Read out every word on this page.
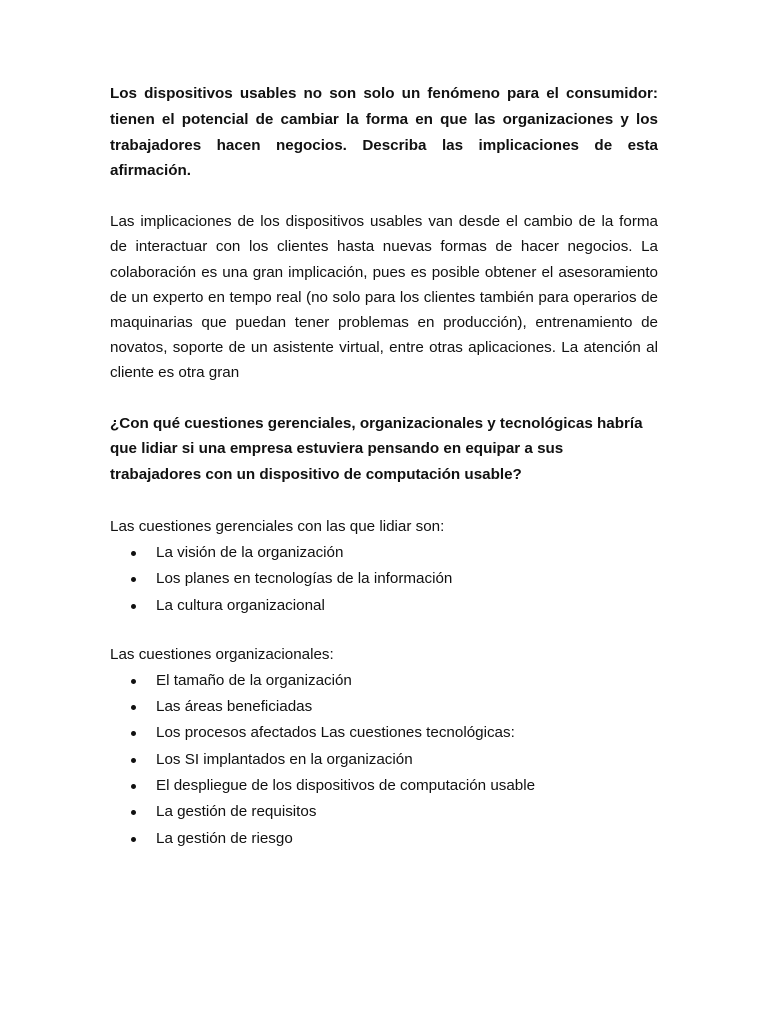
Los dispositivos usables no son solo un fenómeno para el consumidor: tienen el potencial de cambiar la forma en que las organizaciones y los trabajadores hacen negocios. Describa las implicaciones de esta afirmación.

Las implicaciones de los dispositivos usables van desde el cambio de la forma de interactuar con los clientes hasta nuevas formas de hacer negocios. La colaboración es una gran implicación, pues es posible obtener el asesoramiento de un experto en tempo real (no solo para los clientes también para operarios de maquinarias que puedan tener problemas en producción), entrenamiento de novatos, soporte de un asistente virtual, entre otras aplicaciones. La atención al cliente es otra gran

¿Con qué cuestiones gerenciales, organizacionales y tecnológicas habría que lidiar si una empresa estuviera pensando en equipar a sus trabajadores con un dispositivo de computación usable?

Las cuestiones gerenciales con las que lidiar son:

La visión de la organización
Los planes en tecnologías de la información
La cultura organizacional

Las cuestiones organizacionales:

El tamaño de la organización
Las áreas beneficiadas
Los procesos afectados Las cuestiones tecnológicas:
Los SI implantados en la organización
El despliegue de los dispositivos de computación usable
La gestión de requisitos
La gestión de riesgo
